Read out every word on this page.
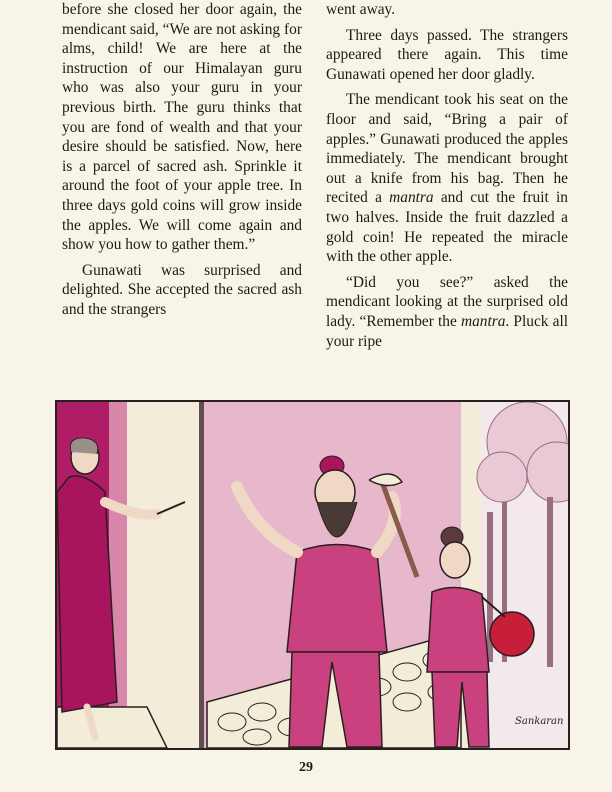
before she closed her door again, the mendicant said, “We are not asking for alms, child! We are here at the instruction of our Himalayan guru who was also your guru in your previous birth. The guru thinks that you are fond of wealth and that your desire should be satisfied. Now, here is a parcel of sacred ash. Sprinkle it around the foot of your apple tree. In three days gold coins will grow inside the apples. We will come again and show you how to gather them.”

Gunawati was surprised and delighted. She accepted the sacred ash and the strangers

went away.

Three days passed. The strangers appeared there again. This time Gunawati opened her door gladly.

The mendicant took his seat on the floor and said, “Bring a pair of apples.” Gunawati produced the apples immediately. The mendicant brought out a knife from his bag. Then he recited a mantra and cut the fruit in two halves. Inside the fruit dazzled a gold coin! He repeated the miracle with the other apple.

“Did you see?” asked the mendicant looking at the surprised old lady. “Remember the mantra. Pluck all your ripe

Sankaran
29
